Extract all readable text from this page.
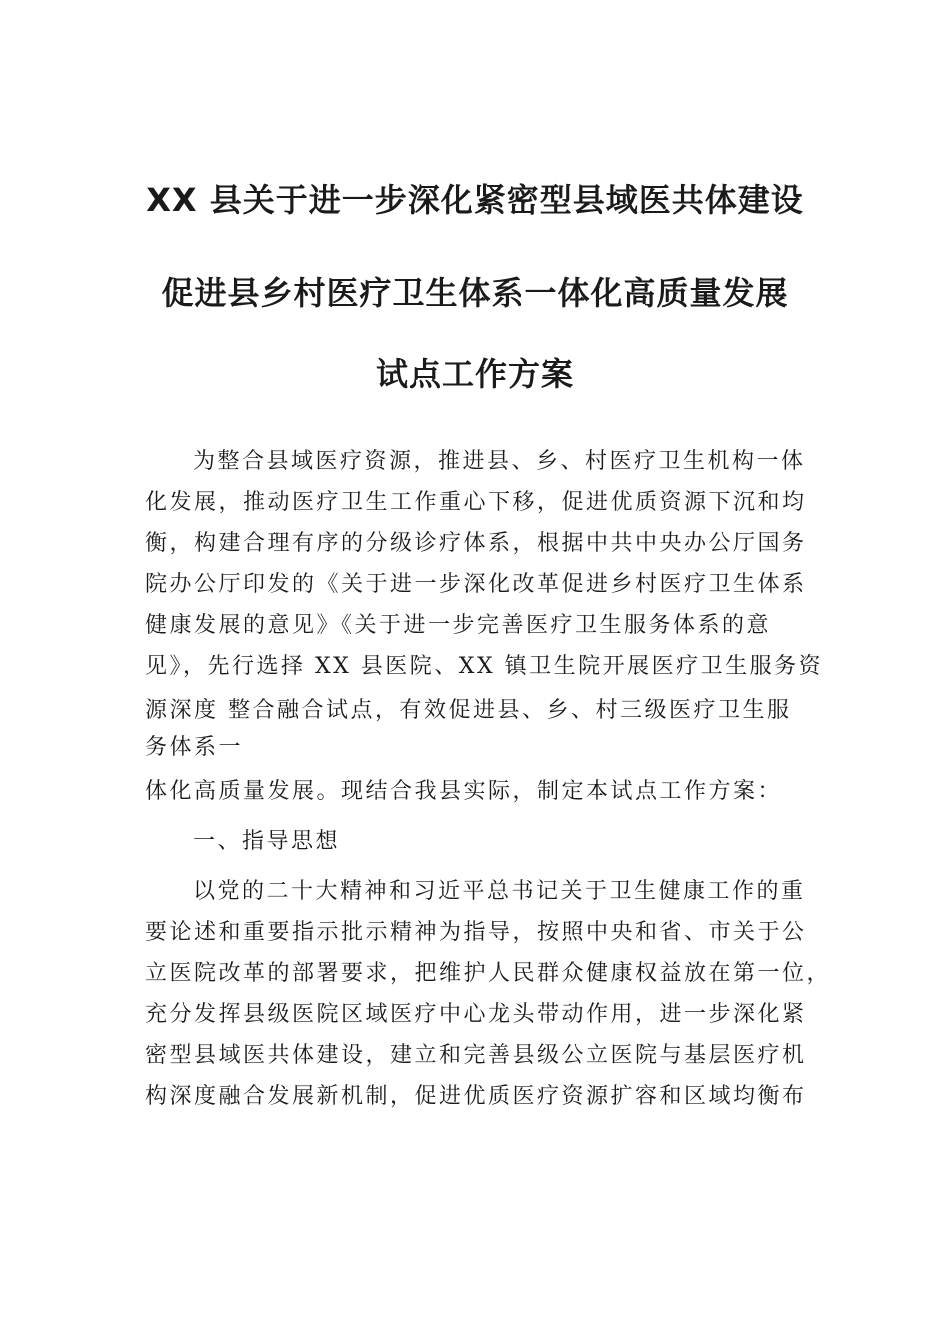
XX 县关于进一步深化紧密型县域医共体建设
促进县乡村医疗卫生体系一体化高质量发展
试点工作方案
为整合县域医疗资源，推进县、乡、村医疗卫生机构一体
化发展，推动医疗卫生工作重心下移，促进优质资源下沉和均
衡，构建合理有序的分级诊疗体系，根据中共中央办公厅国务
院办公厅印发的《关于进一步深化改革促进乡村医疗卫生体系
健康发展的意见》《关于进一步完善医疗卫生服务体系的意
见》，先行选择 XX 县医院、XX 镇卫生院开展医疗卫生服务资
源深度 整合融合试点，有效促进县、乡、村三级医疗卫生服
务体系一
体化高质量发展。现结合我县实际，制定本试点工作方案：
一、指导思想
以党的二十大精神和习近平总书记关于卫生健康工作的重
要论述和重要指示批示精神为指导，按照中央和省、市关于公
立医院改革的部署要求，把维护人民群众健康权益放在第一位，
充分发挥县级医院区域医疗中心龙头带动作用，进一步深化紧
密型县域医共体建设，建立和完善县级公立医院与基层医疗机
构深度融合发展新机制，促进优质医疗资源扩容和区域均衡布
